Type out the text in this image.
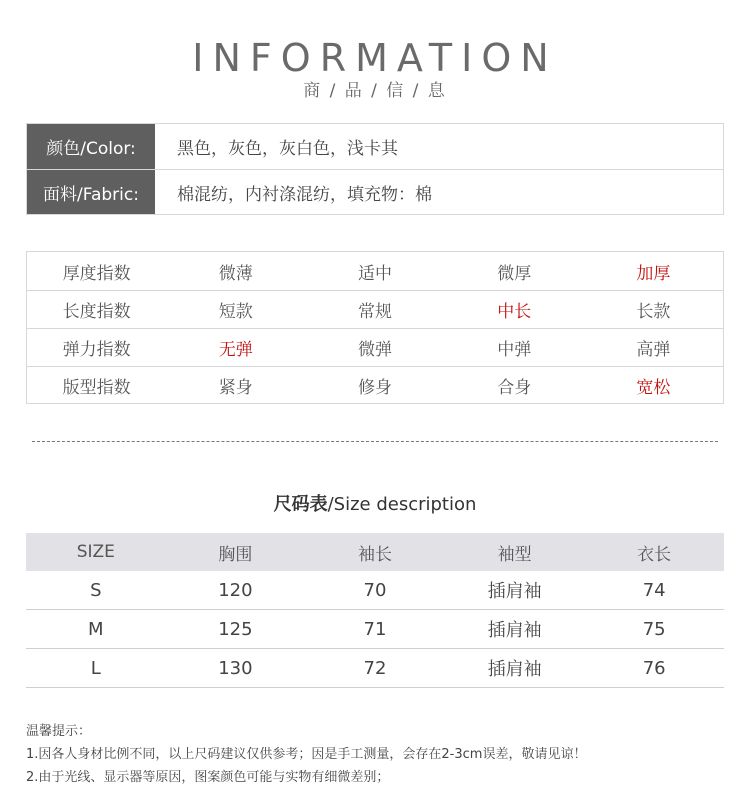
INFORMATION
商 / 品 / 信 / 息
颜色/Color:	黑色，灰色，灰白色，浅卡其
面料/Fabric:	棉混纺，内衬涤混纺，填充物：棉
厚度指数	微薄	适中	微厚	加厚
长度指数	短款	常规	中长	长款
弹力指数	无弹	微弹	中弹	高弹
版型指数	紧身	修身	合身	宽松
尺码表/Size description
SIZE	胸围	袖长	袖型	衣长
S	120	70	插肩袖	74
M	125	71	插肩袖	75
L	130	72	插肩袖	76
温馨提示：
1.因各人身材比例不同，以上尺码建议仅供参考；因是手工测量，会存在2-3cm误差，敬请见谅！
2.由于光线、显示器等原因，图案颜色可能与实物有细微差别；
